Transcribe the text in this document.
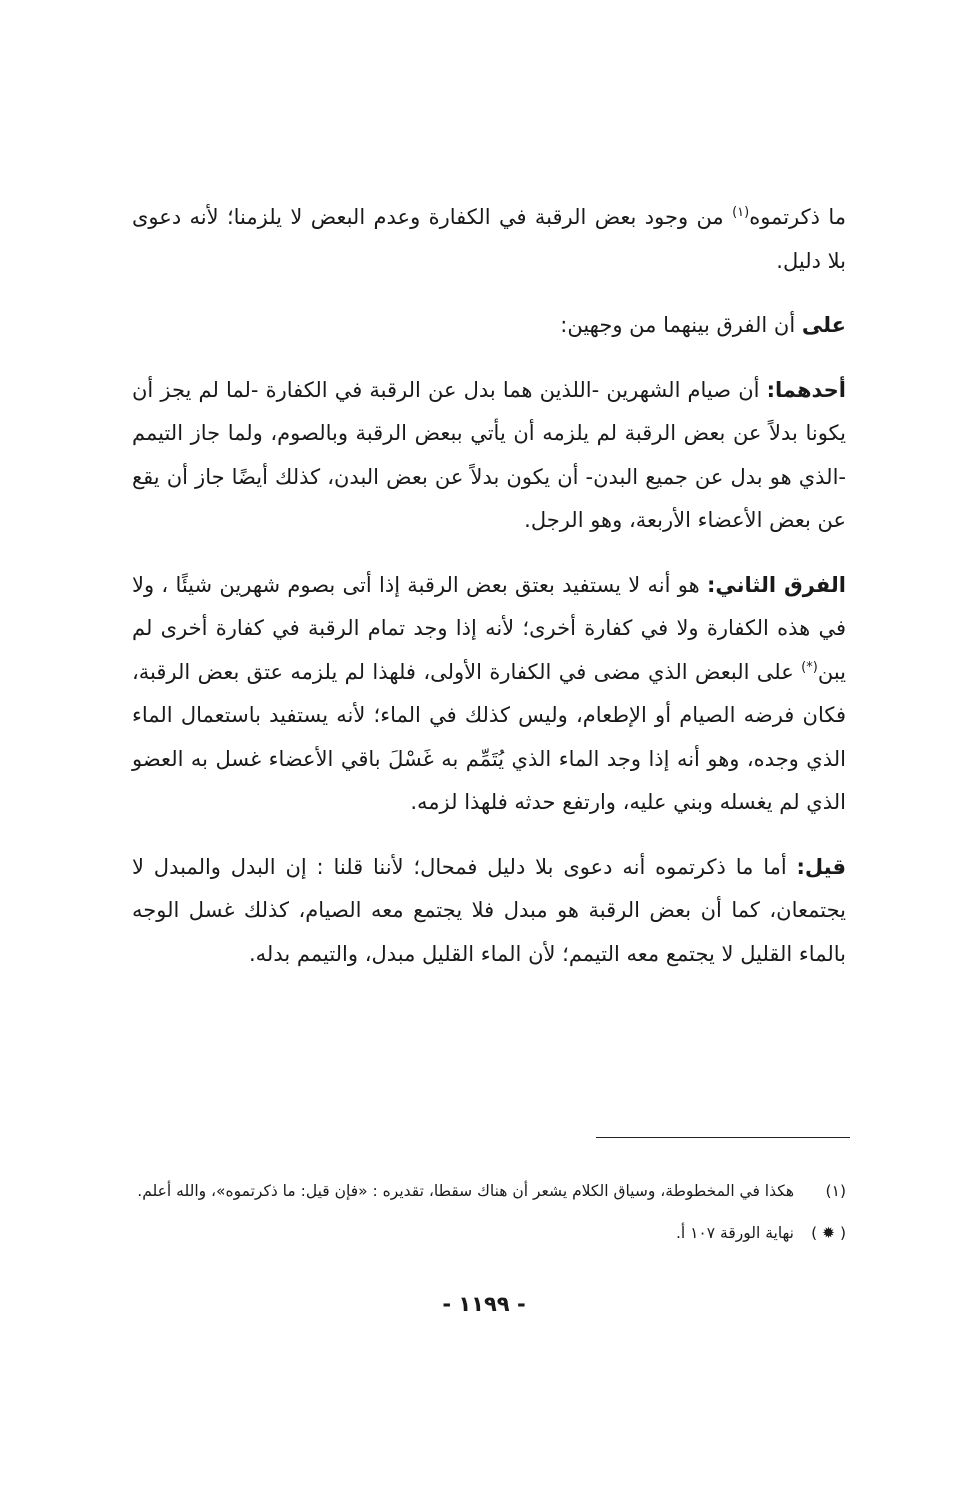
ما ذكرتموه$^{(١)}$ من وجود بعض الرقبة في الكفارة وعدم البعض لا يلزمنا؛ لأنه دعوى بلا دليل.

على أن الفرق بينهما من وجهين:

أحدهما: أن صيام الشهرين -اللذين هما بدل عن الرقبة في الكفارة -لما لم يجز أن يكونا بدلاً عن بعض الرقبة لم يلزمه أن يأتي ببعض الرقبة وبالصوم، ولما جاز التيمم -الذي هو بدل عن جميع البدن- أن يكون بدلاً عن بعض البدن، كذلك أيضًا جاز أن يقع عن بعض الأعضاء الأربعة، وهو الرجل.

الفرق الثاني: هو أنه لا يستفيد بعتق بعض الرقبة إذا أتى بصوم شهرين شيئًا ، ولا في هذه الكفارة ولا في كفارة أخرى؛ لأنه إذا وجد تمام الرقبة في كفارة أخرى لم يبن(*) على البعض الذي مضى في الكفارة الأولى، فلهذا لم يلزمه عتق بعض الرقبة، فكان فرضه الصيام أو الإطعام، وليس كذلك في الماء؛ لأنه يستفيد باستعمال الماء الذي وجده، وهو أنه إذا وجد الماء الذي يُتَمِّم به غَسْلَ باقي الأعضاء غسل به العضو الذي لم يغسله وبني عليه، وارتفع حدثه فلهذا لزمه.

قيل: أما ما ذكرتموه أنه دعوى بلا دليل فمحال؛ لأننا قلنا : إن البدل والمبدل لا يجتمعان، كما أن بعض الرقبة هو مبدل فلا يجتمع معه الصيام، كذلك غسل الوجه بالماء القليل لا يجتمع معه التيمم؛ لأن الماء القليل مبدل، والتيمم بدله.

(١)
هكذا في المخطوطة، وسياق الكلام يشعر أن هناك سقطا، تقديره : «فإن قيل: ما ذكرتموه»، والله أعلم.
( ✹ )
نهاية الورقة ١٠٧ أ.
- ١١٩٩ -
